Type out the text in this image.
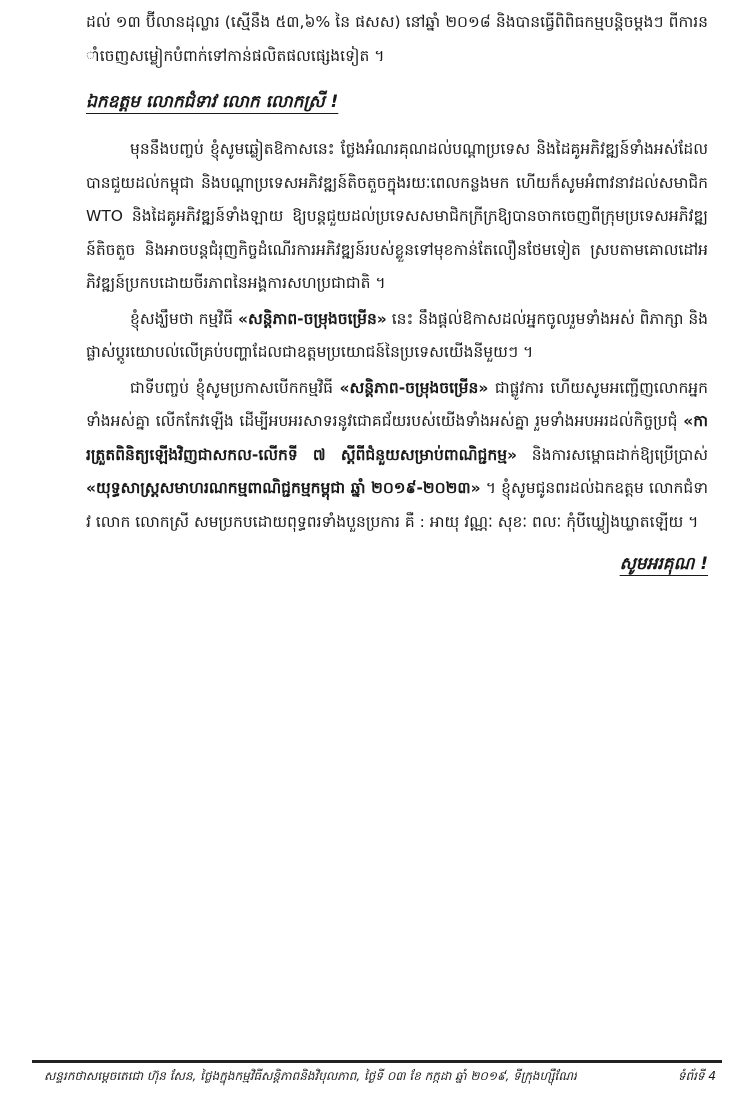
ដល់ ១៣ ប៊ីលានដុល្លារ (ស្មើនឹង ៥៣,៦% នៃ ផសស) នៅឆ្នាំ ២០១៨ និងបានធ្វើពិពិធកម្មបន្តិចម្តងៗ ពីការនាំចេញសម្លៀកបំពាក់ទៅកាន់ផលិតផលផ្សេងទៀត ។

ឯកឧត្តម លោកជំទាវ លោក លោកស្រី !

មុននឹងបញ្ចប់ ខ្ញុំសូមឆ្លៀតឱកាសនេះ ថ្លែងអំណរគុណដល់បណ្តាប្រទេស និងដៃគូអភិវឌ្ឍន៍ទាំងអស់ដែលបានជួយដល់កម្ពុជា និងបណ្តាប្រទេសអភិវឌ្ឍន៍តិចតួចក្នុងរយៈពេលកន្លងមក ហើយក៏សូមអំពាវនាវដល់សមាជិក WTO និងដៃគូអភិវឌ្ឍន៍ទាំងឡាយ ឱ្យបន្តជួយដល់ប្រទេសសមាជិកក្រីក្រឱ្យបានចាកចេញពីក្រុមប្រទេសអភិវឌ្ឍន៍តិចតួច និងអាចបន្តជំរុញកិច្ចដំណើរការអភិវឌ្ឍន៍របស់ខ្លួនទៅមុខកាន់តែលឿនថែមទៀត ស្របតាមគោលដៅអភិវឌ្ឍន៍ប្រកបដោយចីរភាពនៃអង្គការសហប្រជាជាតិ ។

ខ្ញុំសង្ឃឹមថា កម្មវិធី «សន្តិភាព-ចម្រុងចម្រើន» នេះ នឹងផ្តល់ឱកាសដល់អ្នកចូលរួមទាំងអស់ ពិភាក្សា និងផ្លាស់ប្តូរយោបល់លើគ្រប់បញ្ហាដែលជាឧត្តមប្រយោជន៍នៃប្រទេសយើងនីមួយៗ ។

ជាទីបញ្ចប់ ខ្ញុំសូមប្រកាសបើកកម្មវិធី «សន្តិភាព-ចម្រុងចម្រើន» ជាផ្លូវការ ហើយសូមអញ្ជើញលោកអ្នកទាំងអស់គ្នា លើកកែវឡើង ដើម្បីអបអរសាទរនូវជោគជ័យរបស់យើងទាំងអស់គ្នា រួមទាំងអបអរដល់កិច្ចប្រជុំ «ការត្រួតពិនិត្យឡើងវិញជាសកល-លើកទី ៧ ស្តីពីជំនួយសម្រាប់ពាណិជ្ជកម្ម» និងការសម្ពោធដាក់ឱ្យប្រើប្រាស់ «យុទ្ធសាស្ត្រសមាហរណកម្មពាណិជ្ជកម្មកម្ពុជា ឆ្នាំ ២០១៩-២០២៣» ។ ខ្ញុំសូមជូនពរដល់ឯកឧត្តម លោកជំទាវ លោក លោកស្រី សមប្រកបដោយពុទ្ធពរទាំងបួនប្រការ គឺ : អាយុ វណ្ណៈ សុខៈ ពលៈ កុំបីឃ្លៀងឃ្លាតឡើយ ។

សូមអរគុណ !

សន្ទរកថាសម្តេចតេជោ ហ៊ុន សែន, ថ្លៃងក្នុងកម្មវិធីសន្តិភាពនិងវិបុលភាព, ថ្ងៃទី ០៣ ខែ កក្កដា ឆ្នាំ ២០១៩, ទីក្រុងហ្ស៊ឺណែវ	ទំព័រទី 4
